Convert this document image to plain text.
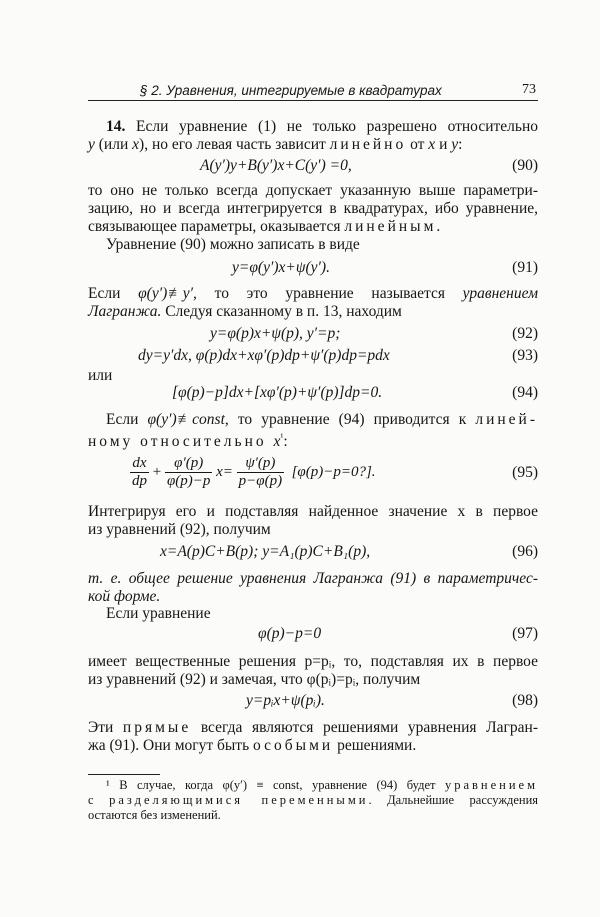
§ 2. Уравнения, интегрируемые в квадратурах	73
14. Если уравнение (1) не только разрешено относительно
y (или x), но его левая часть зависит линейно от x и y:
A(y′)y+B(y′)x+C(y′) =0,	(90)
то оно не только всегда допускает указанную выше параметри-
зацию, но и всегда интегрируется в квадратурах, ибо уравнение,
связывающее параметры, оказывается линейным.
Уравнение (90) можно записать в виде
y=φ(y′)x+ψ(y′).	(91)
Если φ(y′)≢y′, то это уравнение называется уравнением
Лагранжа. Следуя сказанному в п. 13, находим
y=φ(p)x+ψ(p), y′=p;	(92)
dy=y′dx, φ(p)dx+xφ′(p)dp+ψ′(p)dp=pdx	(93)
или
[φ(p)−p]dx+[xφ′(p)+ψ′(p)]dp=0.	(94)
Если φ(y′)≢const, то уравнение (94) приводится к линей-
ному относительно $x^{^1}$:
$\frac{dx}{dp} + \frac{\varphi'(p)}{\varphi(p)-p} x= \frac{\psi'(p)}{p-\varphi(p)}$ [φ(p)−p=0?].	(95)
Интегрируя его и подставляя найденное значение x в первое
из уравнений (92), получим
x=A(p)C+B(p); y=A₁(p)C+B₁(p),	(96)
т. е. общее решение уравнения Лагранжа (91) в параметричес-
кой форме.
Если уравнение
φ(p)−p=0	(97)
имеет вещественные решения p=pᵢ, то, подставляя их в первое
из уравнений (92) и замечая, что φ(pᵢ)=pᵢ, получим
y=pᵢx+ψ(pᵢ).	(98)
Эти прямые всегда являются решениями уравнения Лагран-
жа (91). Они могут быть особыми решениями.
¹ В случае, когда φ(y′) ≡ const, уравнение (94) будет уравнением
с разделяющимися переменными. Дальнейшие рассуждения
остаются без изменений.
